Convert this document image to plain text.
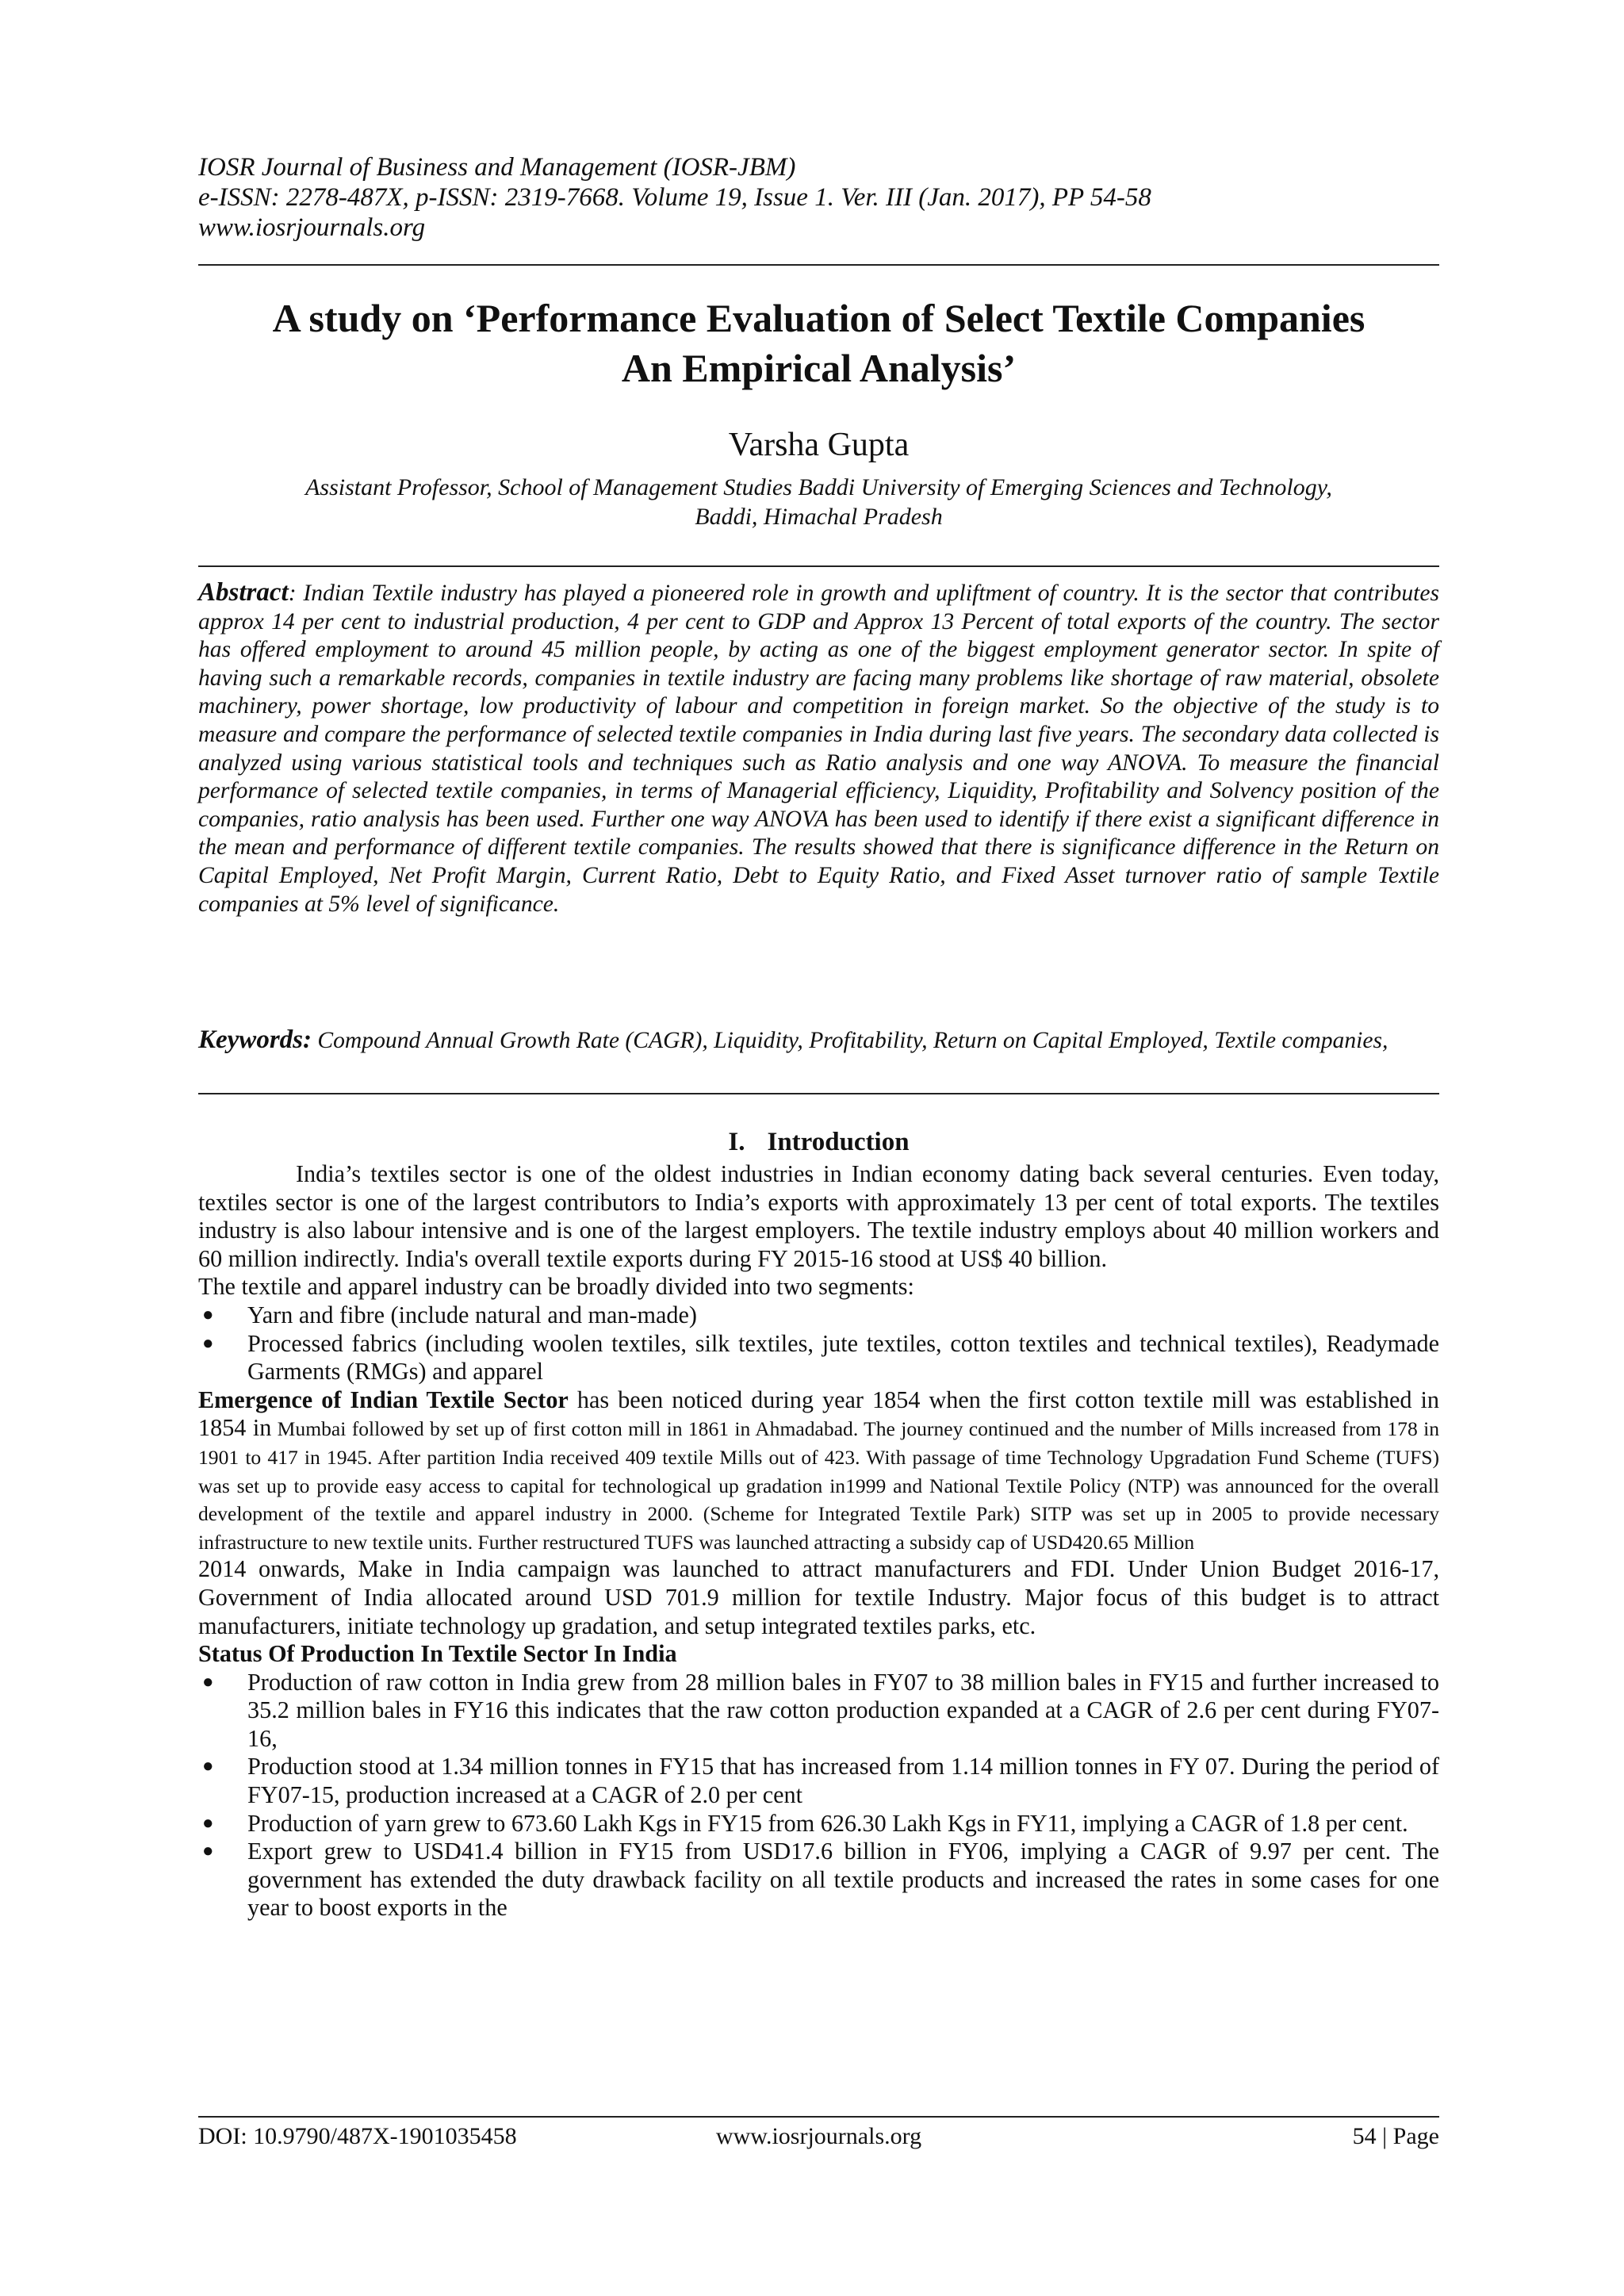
IOSR Journal of Business and Management (IOSR-JBM)
e-ISSN: 2278-487X, p-ISSN: 2319-7668. Volume 19, Issue 1. Ver. III (Jan. 2017), PP 54-58
www.iosrjournals.org
A study on ‘Performance Evaluation of Select Textile Companies
An Empirical Analysis’
Varsha Gupta
Assistant Professor, School of Management Studies Baddi University of Emerging Sciences and Technology,
Baddi, Himachal Pradesh
Abstract: Indian Textile industry has played a pioneered role in growth and upliftment of country. It is the sector that contributes approx 14 per cent to industrial production, 4 per cent to GDP and Approx 13 Percent of total exports of the country. The sector has offered employment to around 45 million people, by acting as one of the biggest employment generator sector. In spite of having such a remarkable records, companies in textile industry are facing many problems like shortage of raw material, obsolete machinery, power shortage, low productivity of labour and competition in foreign market. So the objective of the study is to measure and compare the performance of selected textile companies in India during last five years. The secondary data collected is analyzed using various statistical tools and techniques such as Ratio analysis and one way ANOVA. To measure the financial performance of selected textile companies, in terms of Managerial efficiency, Liquidity, Profitability and Solvency position of the companies, ratio analysis has been used. Further one way ANOVA has been used to identify if there exist a significant difference in the mean and performance of different textile companies. The results showed that there is significance difference in the Return on Capital Employed, Net Profit Margin, Current Ratio, Debt to Equity Ratio, and Fixed Asset turnover ratio of sample Textile companies at 5% level of significance.
Keywords: Compound Annual Growth Rate (CAGR), Liquidity, Profitability, Return on Capital Employed, Textile companies,
I. Introduction

India’s textiles sector is one of the oldest industries in Indian economy dating back several centuries. Even today, textiles sector is one of the largest contributors to India’s exports with approximately 13 per cent of total exports. The textiles industry is also labour intensive and is one of the largest employers. The textile industry employs about 40 million workers and 60 million indirectly. India's overall textile exports during FY 2015-16 stood at US$ 40 billion.

The textile and apparel industry can be broadly divided into two segments:

● Yarn and fibre (include natural and man-made)
● Processed fabrics (including woolen textiles, silk textiles, jute textiles, cotton textiles and technical textiles), Readymade Garments (RMGs) and apparel

Emergence of Indian Textile Sector has been noticed during year 1854 when the first cotton textile mill was established in 1854 in Mumbai followed by set up of first cotton mill in 1861 in Ahmadabad. The journey continued and the number of Mills increased from 178 in 1901 to 417 in 1945. After partition India received 409 textile Mills out of 423. With passage of time Technology Upgradation Fund Scheme (TUFS) was set up to provide easy access to capital for technological up gradation in1999 and National Textile Policy (NTP) was announced for the overall development of the textile and apparel industry in 2000. (Scheme for Integrated Textile Park) SITP was set up in 2005 to provide necessary infrastructure to new textile units. Further restructured TUFS was launched attracting a subsidy cap of USD420.65 Million

2014 onwards, Make in India campaign was launched to attract manufacturers and FDI. Under Union Budget 2016-17, Government of India allocated around USD 701.9 million for textile Industry. Major focus of this budget is to attract manufacturers, initiate technology up gradation, and setup integrated textiles parks, etc.

Status Of Production In Textile Sector In India

● Production of raw cotton in India grew from 28 million bales in FY07 to 38 million bales in FY15 and further increased to 35.2 million bales in FY16 this indicates that the raw cotton production expanded at a CAGR of 2.6 per cent during FY07-16,
● Production stood at 1.34 million tonnes in FY15 that has increased from 1.14 million tonnes in FY 07. During the period of FY07-15, production increased at a CAGR of 2.0 per cent
● Production of yarn grew to 673.60 Lakh Kgs in FY15 from 626.30 Lakh Kgs in FY11, implying a CAGR of 1.8 per cent.
● Export grew to USD41.4 billion in FY15 from USD17.6 billion in FY06, implying a CAGR of 9.97 per cent. The government has extended the duty drawback facility on all textile products and increased the rates in some cases for one year to boost exports in the
DOI: 10.9790/487X-1901035458	www.iosrjournals.org	54 | Page
